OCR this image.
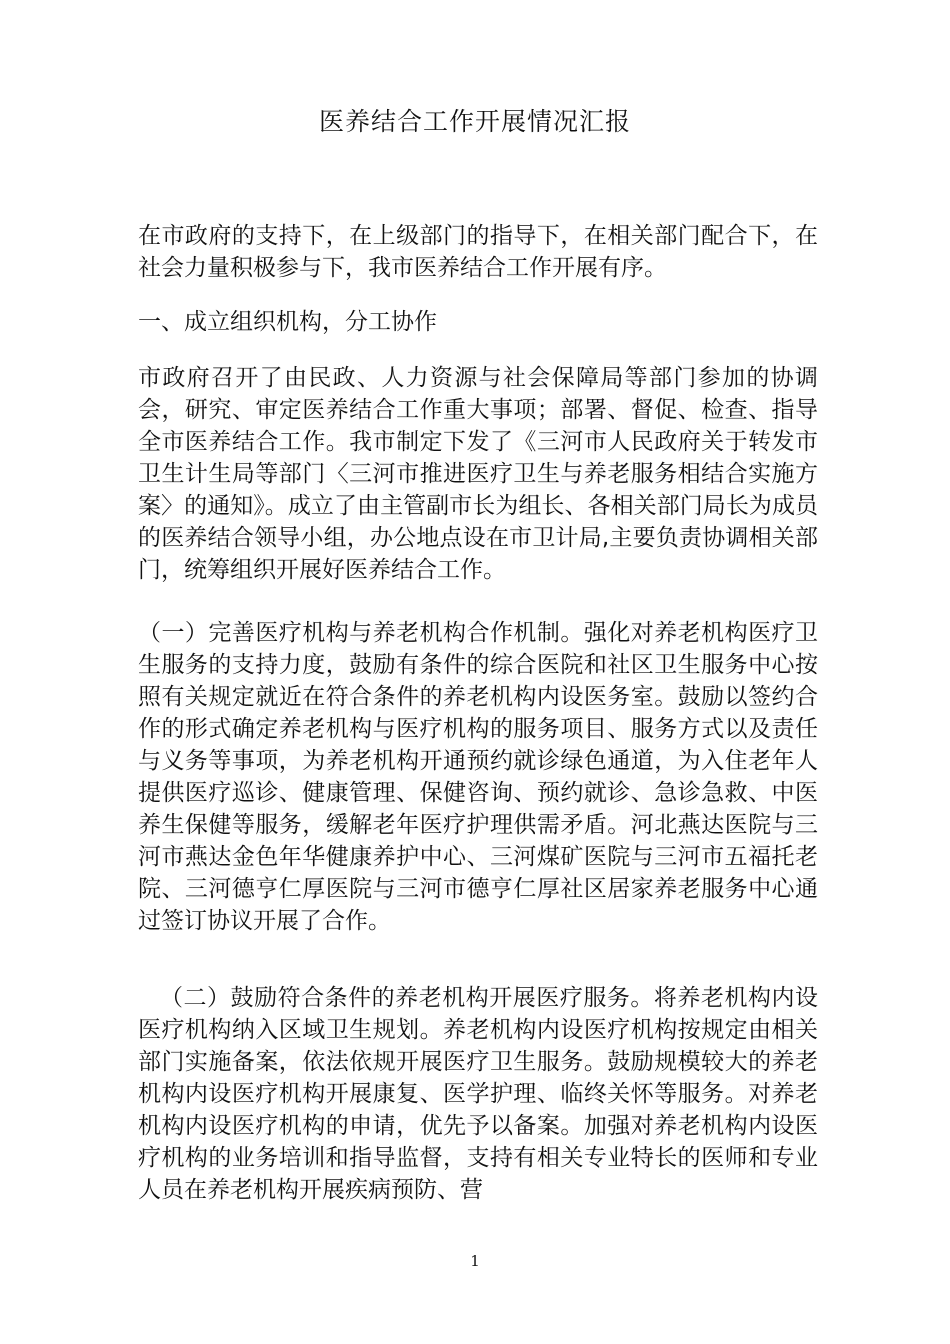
医养结合工作开展情况汇报

在市政府的支持下，在上级部门的指导下，在相关部门配合下，在社会力量积极参与下，我市医养结合工作开展有序。

一、成立组织机构，分工协作

市政府召开了由民政、人力资源与社会保障局等部门参加的协调会，研究、审定医养结合工作重大事项；部署、督促、检查、指导全市医养结合工作。我市制定下发了《三河市人民政府关于转发市卫生计生局等部门〈三河市推进医疗卫生与养老服务相结合实施方案〉的通知》。成立了由主管副市长为组长、各相关部门局长为成员的医养结合领导小组，办公地点设在市卫计局,主要负责协调相关部门，统筹组织开展好医养结合工作。

（一）完善医疗机构与养老机构合作机制。强化对养老机构医疗卫生服务的支持力度，鼓励有条件的综合医院和社区卫生服务中心按照有关规定就近在符合条件的养老机构内设医务室。鼓励以签约合作的形式确定养老机构与医疗机构的服务项目、服务方式以及责任与义务等事项，为养老机构开通预约就诊绿色通道，为入住老年人提供医疗巡诊、健康管理、保健咨询、预约就诊、急诊急救、中医养生保健等服务，缓解老年医疗护理供需矛盾。河北燕达医院与三河市燕达金色年华健康养护中心、三河煤矿医院与三河市五福托老院、三河德亨仁厚医院与三河市德亨仁厚社区居家养老服务中心通过签订协议开展了合作。

（二）鼓励符合条件的养老机构开展医疗服务。将养老机构内设医疗机构纳入区域卫生规划。养老机构内设医疗机构按规定由相关部门实施备案，依法依规开展医疗卫生服务。鼓励规模较大的养老机构内设医疗机构开展康复、医学护理、临终关怀等服务。对养老机构内设医疗机构的申请，优先予以备案。加强对养老机构内设医疗机构的业务培训和指导监督，支持有相关专业特长的医师和专业人员在养老机构开展疾病预防、营

1
